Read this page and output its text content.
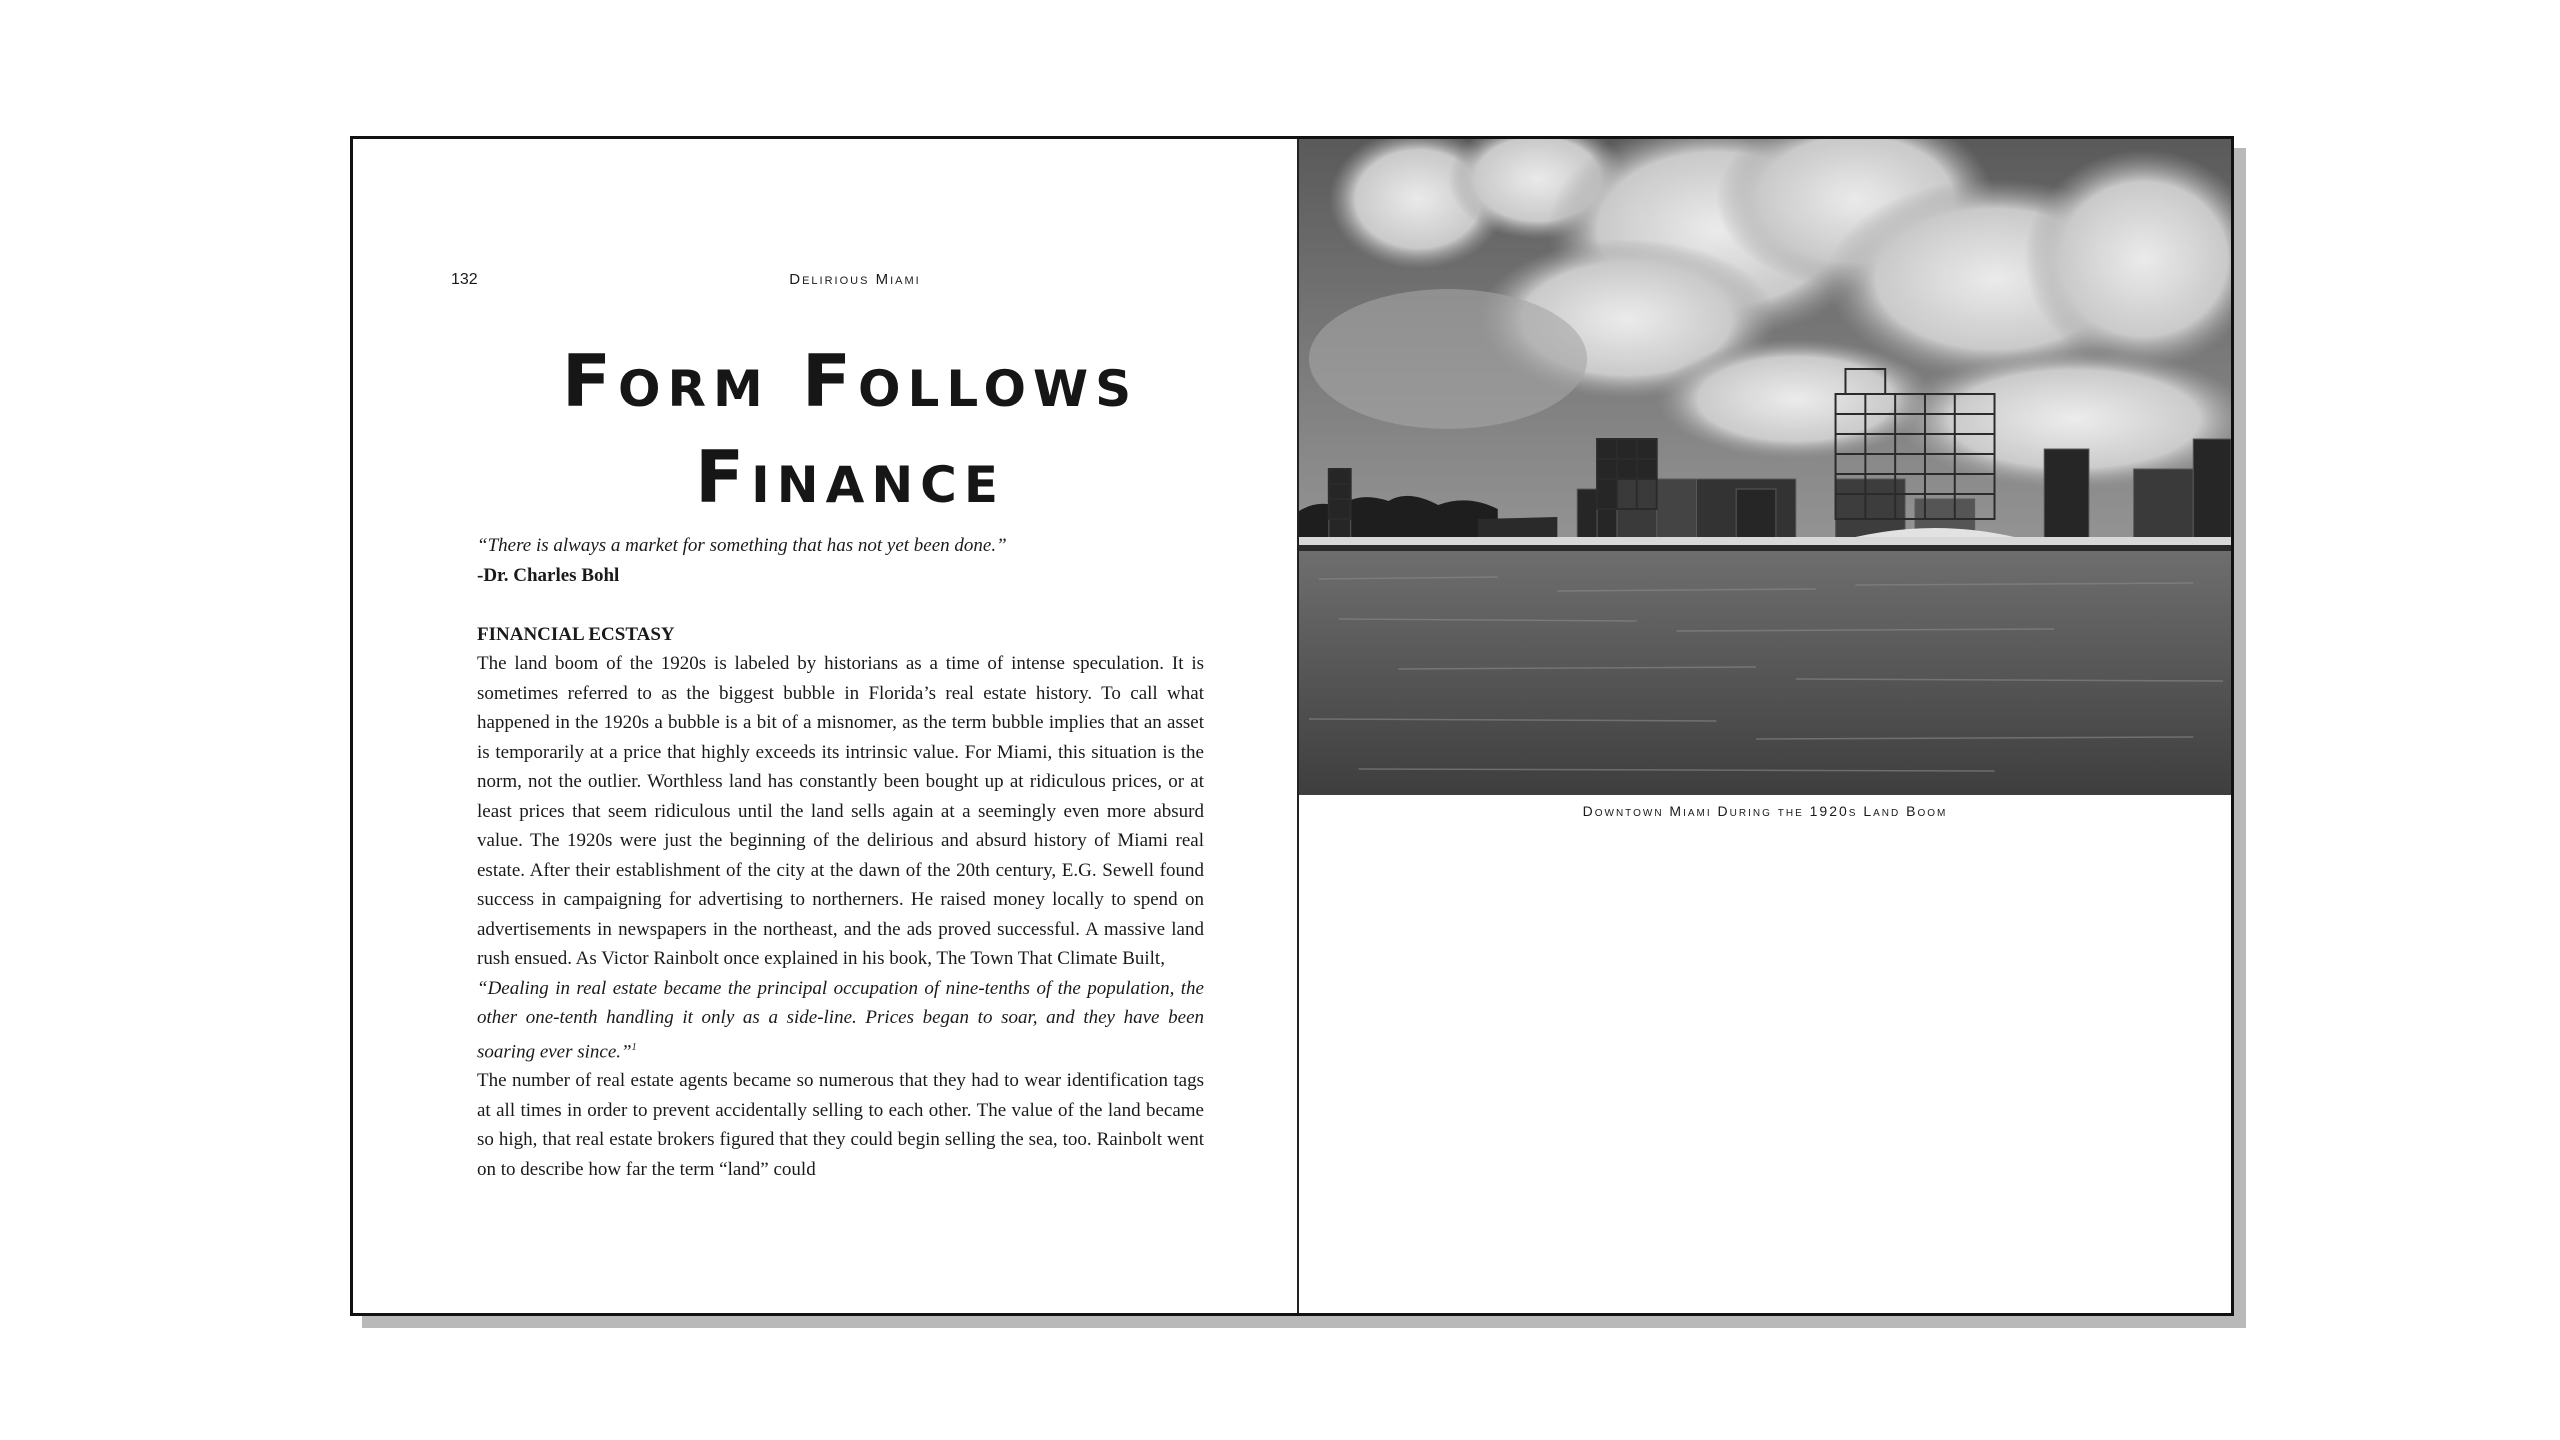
132	Delirious Miami
Form Follows
Finance
“There is always a market for something that has not yet been done.”
-Dr. Charles Bohl
FINANCIAL ECSTASY
The land boom of the 1920s is labeled by historians as a time of intense speculation. It is sometimes referred to as the biggest bubble in Florida’s real estate history. To call what happened in the 1920s a bubble is a bit of a misnomer, as the term bubble implies that an asset is temporarily at a price that highly exceeds its intrinsic value. For Miami, this situation is the norm, not the outlier. Worthless land has constantly been bought up at ridiculous prices, or at least prices that seem ridiculous until the land sells again at a seemingly even more absurd value. The 1920s were just the beginning of the delirious and absurd history of Miami real estate. After their establishment of the city at the dawn of the 20th century, E.G. Sewell found success in campaigning for advertising to northerners. He raised money locally to spend on advertisements in newspapers in the northeast, and the ads proved successful. A massive land rush ensued. As Victor Rainbolt once explained in his book, The Town That Climate Built,
“Dealing in real estate became the principal occupation of nine-tenths of the population, the other one-tenth handling it only as a side-line. Prices began to soar, and they have been soaring ever since.”$^1$
The number of real estate agents became so numerous that they had to wear identification tags at all times in order to prevent accidentally selling to each other. The value of the land became so high, that real estate brokers figured that they could begin selling the sea, too. Rainbolt went on to describe how far the term “land” could
Downtown Miami During the 1920s Land Boom
